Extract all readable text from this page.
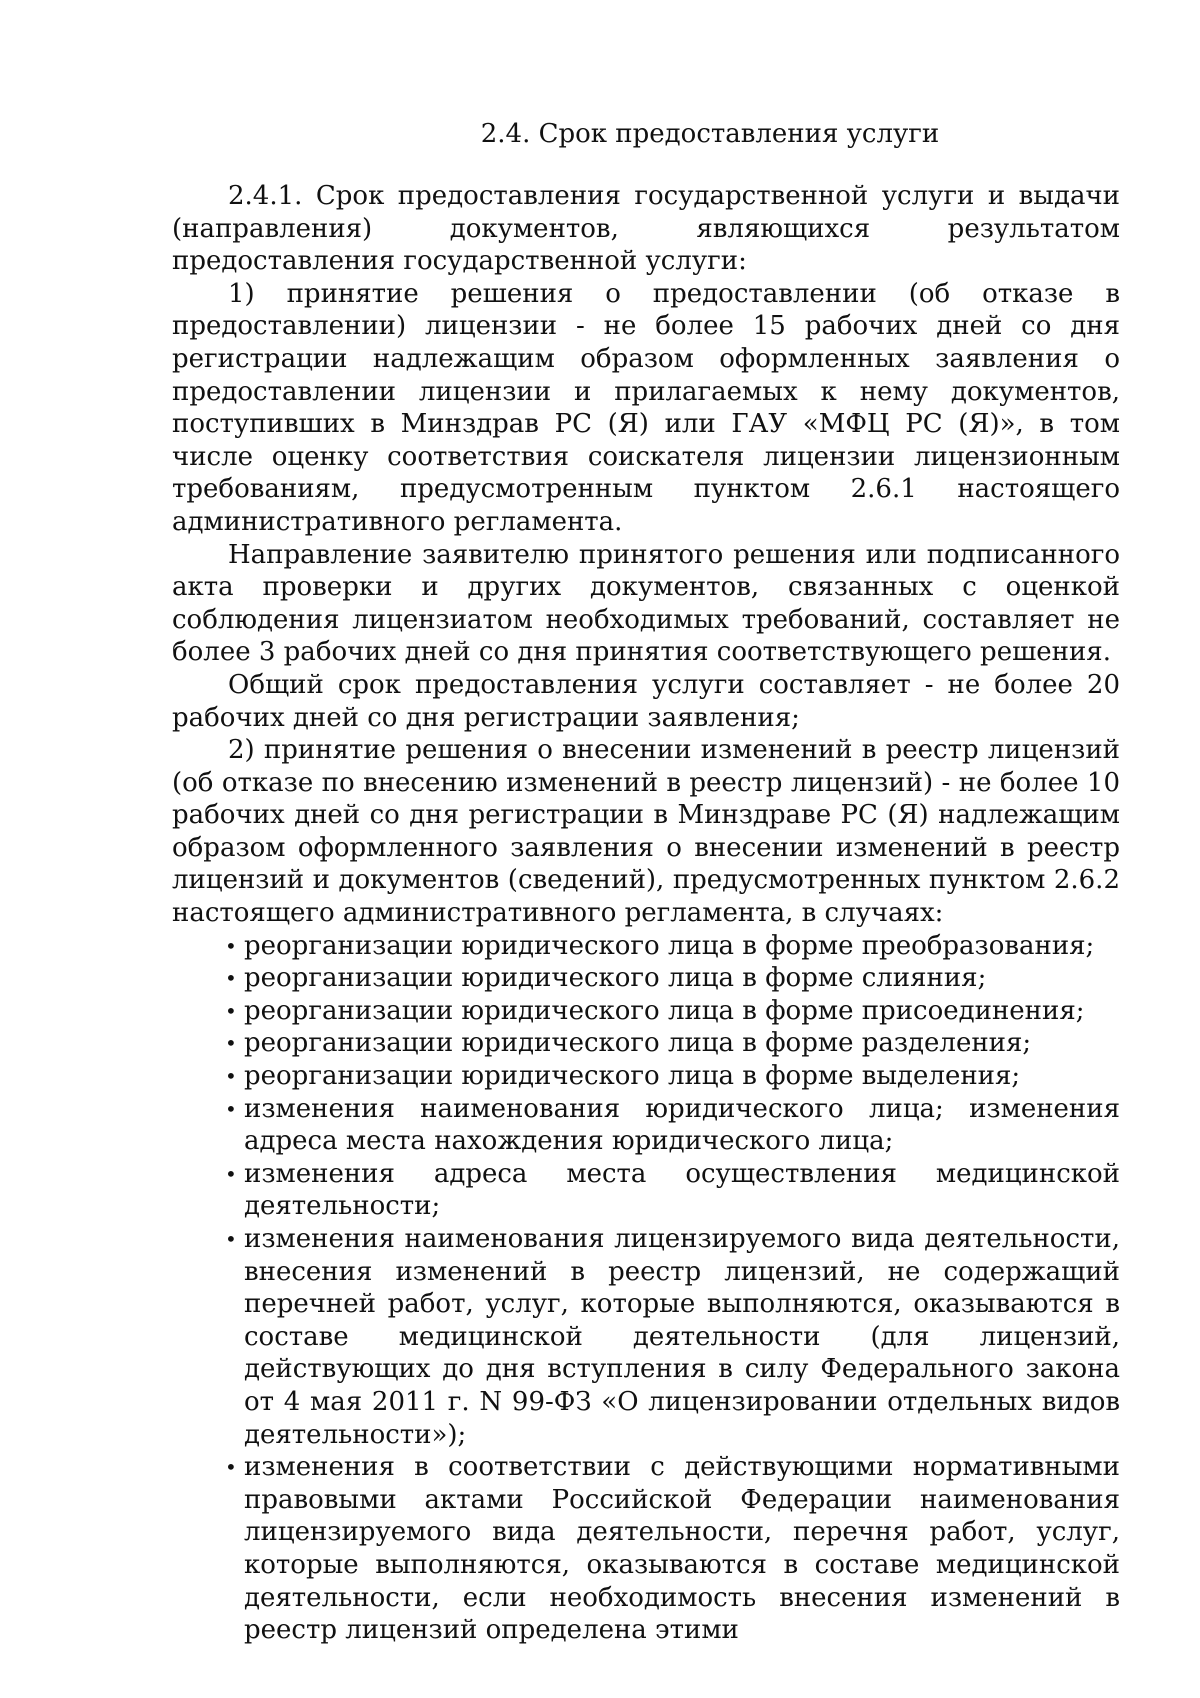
2.4. Срок предоставления услуги

2.4.1. Срок предоставления государственной услуги и выдачи (направления) документов, являющихся результатом предоставления государственной услуги:

1) принятие решения о предоставлении (об отказе в предоставлении) лицензии - не более 15 рабочих дней со дня регистрации надлежащим образом оформленных заявления о предоставлении лицензии и прилагаемых к нему документов, поступивших в Минздрав РС (Я) или ГАУ «МФЦ РС (Я)», в том числе оценку соответствия соискателя лицензии лицензионным требованиям, предусмотренным пунктом 2.6.1 настоящего административного регламента.

Направление заявителю принятого решения или подписанного акта проверки и других документов, связанных с оценкой соблюдения лицензиатом необходимых требований, составляет не более 3 рабочих дней со дня принятия соответствующего решения.

Общий срок предоставления услуги составляет - не более 20 рабочих дней со дня регистрации заявления;

2) принятие решения о внесении изменений в реестр лицензий (об отказе по внесению изменений в реестр лицензий) - не более 10 рабочих дней со дня регистрации в Минздраве РС (Я) надлежащим образом оформленного заявления о внесении изменений в реестр лицензий и документов (сведений), предусмотренных пунктом 2.6.2 настоящего административного регламента, в случаях:

• реорганизации юридического лица в форме преобразования;
• реорганизации юридического лица в форме слияния;
• реорганизации юридического лица в форме присоединения;
• реорганизации юридического лица в форме разделения;
• реорганизации юридического лица в форме выделения;
• изменения наименования юридического лица; изменения адреса места нахождения юридического лица;
• изменения адреса места осуществления медицинской деятельности;
• изменения наименования лицензируемого вида деятельности, внесения изменений в реестр лицензий, не содержащий перечней работ, услуг, которые выполняются, оказываются в составе медицинской деятельности (для лицензий, действующих до дня вступления в силу Федерального закона от 4 мая 2011 г. N 99-ФЗ «О лицензировании отдельных видов деятельности»);
• изменения в соответствии с действующими нормативными правовыми актами Российской Федерации наименования лицензируемого вида деятельности, перечня работ, услуг, которые выполняются, оказываются в составе медицинской деятельности, если необходимость внесения изменений в реестр лицензий определена этими
